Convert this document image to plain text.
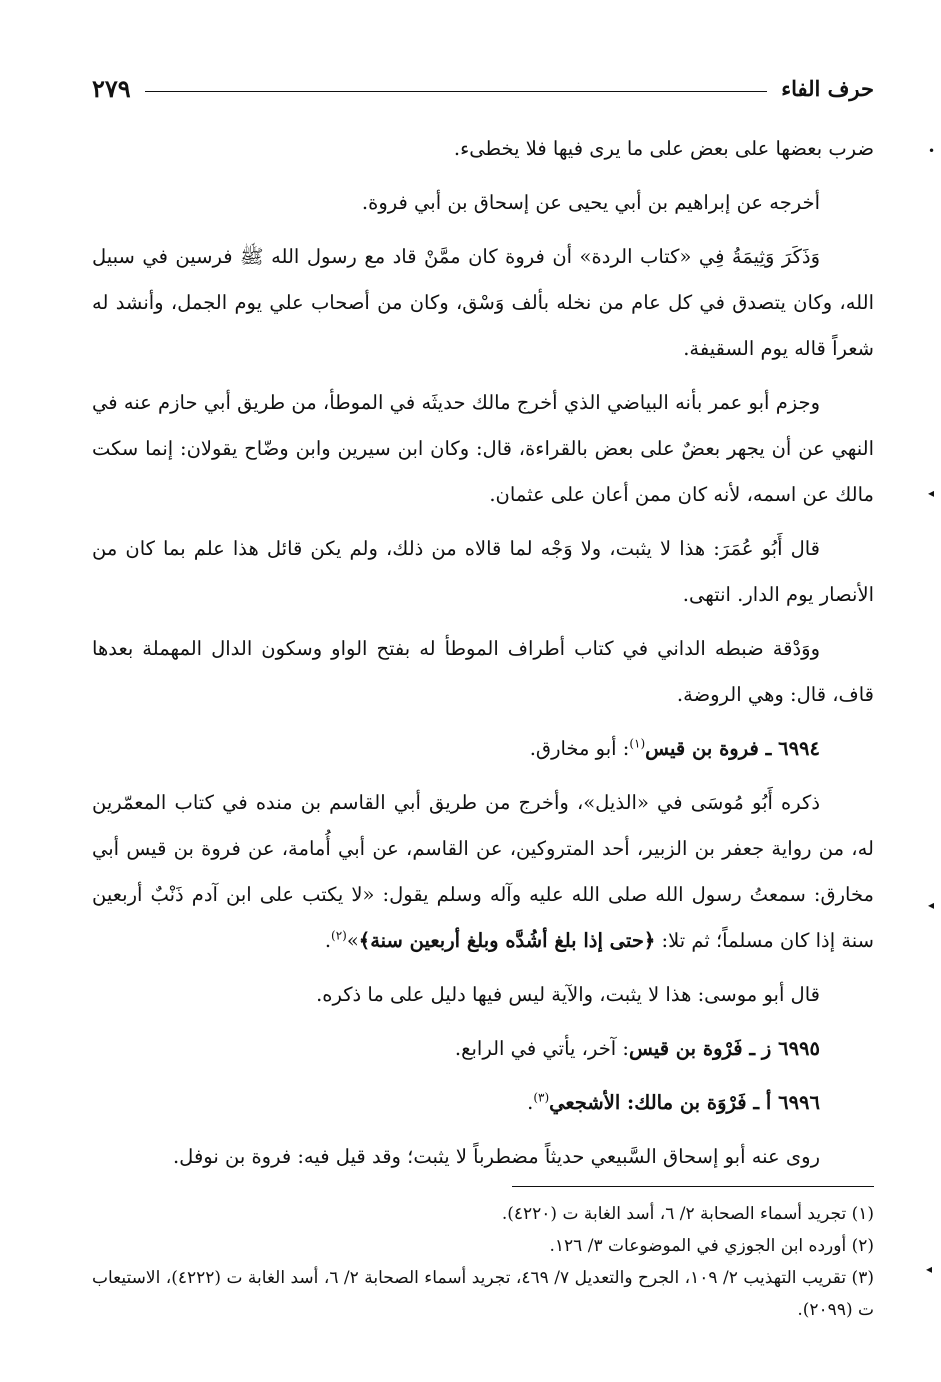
حرف الفاء
٢٧٩

ضرب بعضها على بعض على ما يرى فيها فلا يخطىء.

أخرجه عن إبراهيم بن أبي يحيى عن إسحاق بن أبي فروة.

وَذَكَرَ وَثِيمَةُ فِي «كتاب الردة» أن فروة كان ممَّنْ قاد مع رسول الله ﷺ فرسين في سبيل الله، وكان يتصدق في كل عام من نخله بألف وَسْق، وكان من أصحاب علي يوم الجمل، وأنشد له شعراً قاله يوم السقيفة.

وجزم أبو عمر بأنه البياضي الذي أخرج مالك حديثَه في الموطأ، من طريق أبي حازم عنه في النهي عن أن يجهر بعضٌ على بعض بالقراءة، قال: وكان ابن سيرين وابن وضّاح يقولان: إنما سكت مالك عن اسمه، لأنه كان ممن أعان على عثمان.

قال أَبُو عُمَرَ: هذا لا يثبت، ولا وَجْه لما قالاه من ذلك، ولم يكن قائل هذا علم بما كان من الأنصار يوم الدار. انتهى.

ووَدْقة ضبطه الداني في كتاب أطراف الموطأ له بفتح الواو وسكون الدال المهملة بعدها قاف، قال: وهي الروضة.

٦٩٩٤ ـ فروة بن قيس$^{(١)}$: أبو مخارق.

ذكره أَبُو مُوسَى في «الذيل»، وأخرج من طريق أبي القاسم بن منده في كتاب المعمّرين له، من رواية جعفر بن الزبير، أحد المتروكين، عن القاسم، عن أبي أُمامة، عن فروة بن قيس أبي مخارق: سمعتُ رسول الله صلى الله عليه وآله وسلم يقول: «لا يكتب على ابن آدم ذَنْبٌ أربعين سنة إذا كان مسلماً؛ ثم تلا: ﴿حتى إذا بلغ أشُدَّه وبلغ أربعين سنة﴾»$^{(٢)}$.

قال أبو موسى: هذا لا يثبت، والآية ليس فيها دليل على ما ذكره.

٦٩٩٥ ز ـ فَرْوة بن قيس: آخر، يأتي في الرابع.

٦٩٩٦ أ ـ فَرْوَة بن مالك: الأشجعي$^{(٣)}$.

روى عنه أبو إسحاق السَّبيعي حديثاً مضطرباً لا يثبت؛ وقد قيل فيه: فروة بن نوفل.

(١) تجريد أسماء الصحابة ٢/ ٦، أسد الغابة ت (٤٢٢٠).

(٢) أورده ابن الجوزي في الموضوعات ٣/ ١٢٦.

(٣) تقريب التهذيب ٢/ ١٠٩، الجرح والتعديل ٧/ ٤٦٩، تجريد أسماء الصحابة ٢/ ٦، أسد الغابة ت (٤٢٢٢)، الاستيعاب ت (٢٠٩٩).

•
◂
◂
◂
